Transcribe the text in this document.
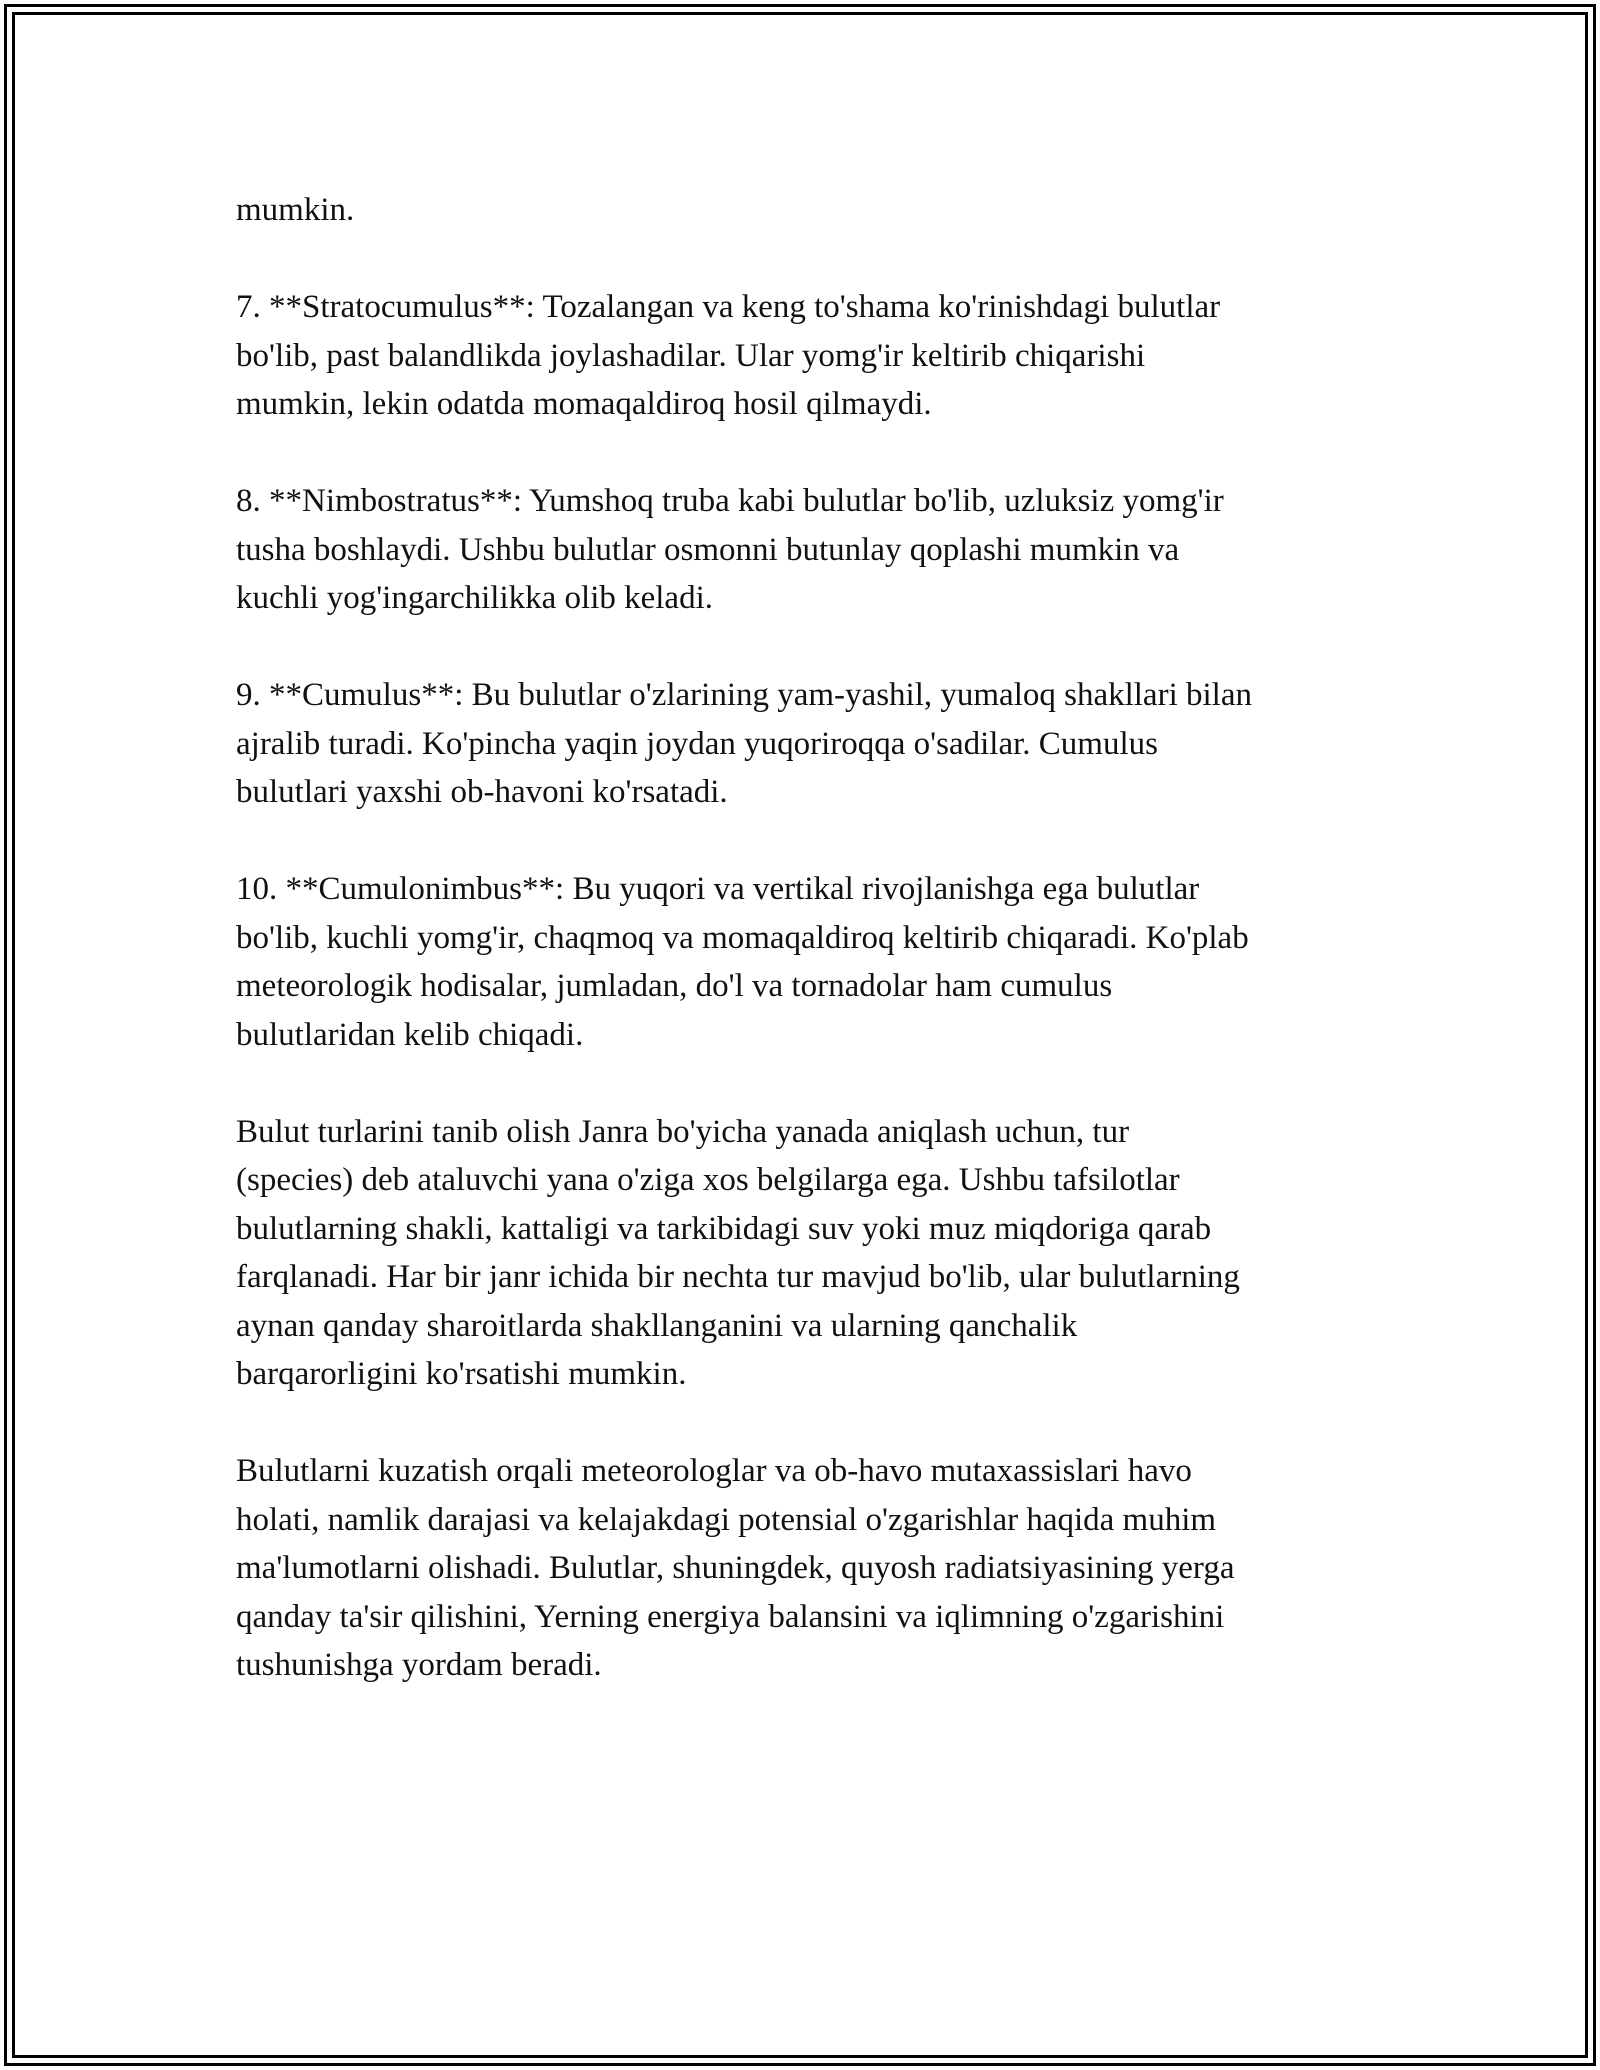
mumkin.

7. **Stratocumulus**: Tozalangan va keng to'shama ko'rinishdagi bulutlar
bo'lib, past balandlikda joylashadilar. Ular yomg'ir keltirib chiqarishi
mumkin, lekin odatda momaqaldiroq hosil qilmaydi.

8. **Nimbostratus**: Yumshoq truba kabi bulutlar bo'lib, uzluksiz yomg'ir
tusha boshlaydi. Ushbu bulutlar osmonni butunlay qoplashi mumkin va
kuchli yog'ingarchilikka olib keladi.

9. **Cumulus**: Bu bulutlar o'zlarining yam-yashil, yumaloq shakllari bilan
ajralib turadi. Ko'pincha yaqin joydan yuqoriroqqa o'sadilar. Cumulus
bulutlari yaxshi ob-havoni ko'rsatadi.

10. **Cumulonimbus**: Bu yuqori va vertikal rivojlanishga ega bulutlar
bo'lib, kuchli yomg'ir, chaqmoq va momaqaldiroq keltirib chiqaradi. Ko'plab
meteorologik hodisalar, jumladan, do'l va tornadolar ham cumulus
bulutlaridan kelib chiqadi.

Bulut turlarini tanib olish Janra bo'yicha yanada aniqlash uchun, tur
(species) deb ataluvchi yana o'ziga xos belgilarga ega. Ushbu tafsilotlar
bulutlarning shakli, kattaligi va tarkibidagi suv yoki muz miqdoriga qarab
farqlanadi. Har bir janr ichida bir nechta tur mavjud bo'lib, ular bulutlarning
aynan qanday sharoitlarda shakllanganini va ularning qanchalik
barqarorligini ko'rsatishi mumkin.

Bulutlarni kuzatish orqali meteorologlar va ob-havo mutaxassislari havo
holati, namlik darajasi va kelajakdagi potensial o'zgarishlar haqida muhim
ma'lumotlarni olishadi. Bulutlar, shuningdek, quyosh radiatsiyasining yerga
qanday ta'sir qilishini, Yerning energiya balansini va iqlimning o'zgarishini
tushunishga yordam beradi.
